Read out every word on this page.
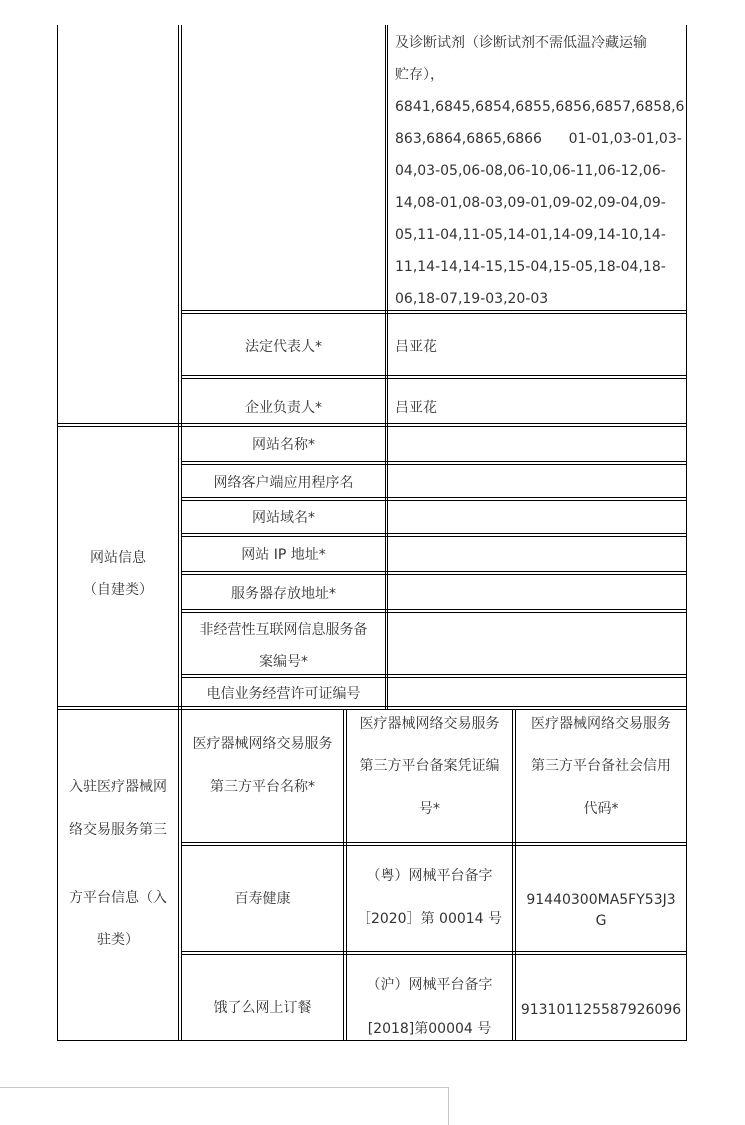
及诊断试剂（诊断试剂不需低温冷藏运输
贮存），
6841,6845,6854,6855,6856,6857,6858,6
863,6864,6865,6866      01-01,03-01,03-
04,03-05,06-08,06-10,06-11,06-12,06-
14,08-01,08-03,09-01,09-02,09-04,09-
05,11-04,11-05,14-01,14-09,14-10,14-
11,14-14,14-15,15-04,15-05,18-04,18-
06,18-07,19-03,20-03
法定代表人*	吕亚花
企业负责人*	吕亚花
网站信息
（自建类）
网站名称*
网络客户端应用程序名
网站域名*
网站 IP 地址*
服务器存放地址*
非经营性互联网信息服务备
案编号*
电信业务经营许可证编号
入驻医疗器械网
络交易服务第三
方平台信息（入
驻类）
医疗器械网络交易服务
第三方平台名称*
医疗器械网络交易服务
第三方平台备案凭证编
号*
医疗器械网络交易服务
第三方平台备社会信用
代码*
百寿健康
（粤）网械平台备字
［2020］第 00014 号
91440300MA5FY53J3
G
饿了么网上订餐
（沪）网械平台备字
[2018]第00004 号
913101125587926096
